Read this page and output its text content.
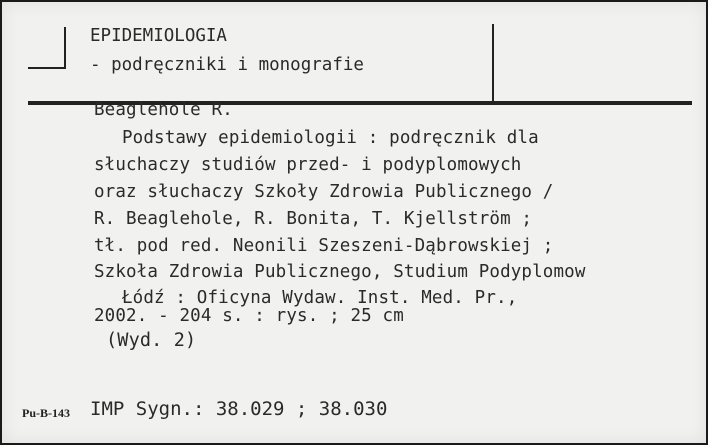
EPIDEMIOLOGIA
- podręczniki i monografie
Beaglehole R.
Podstawy epidemiologii : podręcznik dla
słuchaczy studiów przed- i podyplomowych
oraz słuchaczy Szkoły Zdrowia Publicznego /
R. Beaglehole, R. Bonita, T. Kjellström ;
tł. pod red. Neonili Szeszeni-Dąbrowskiej ;
Szkoła Zdrowia Publicznego, Studium Podyplomow
Łódź : Oficyna Wydaw. Inst. Med. Pr.,
2002. - 204 s. : rys. ; 25 cm
(Wyd. 2)
Pu-B-143 IMP Sygn.: 38.029 ; 38.030
